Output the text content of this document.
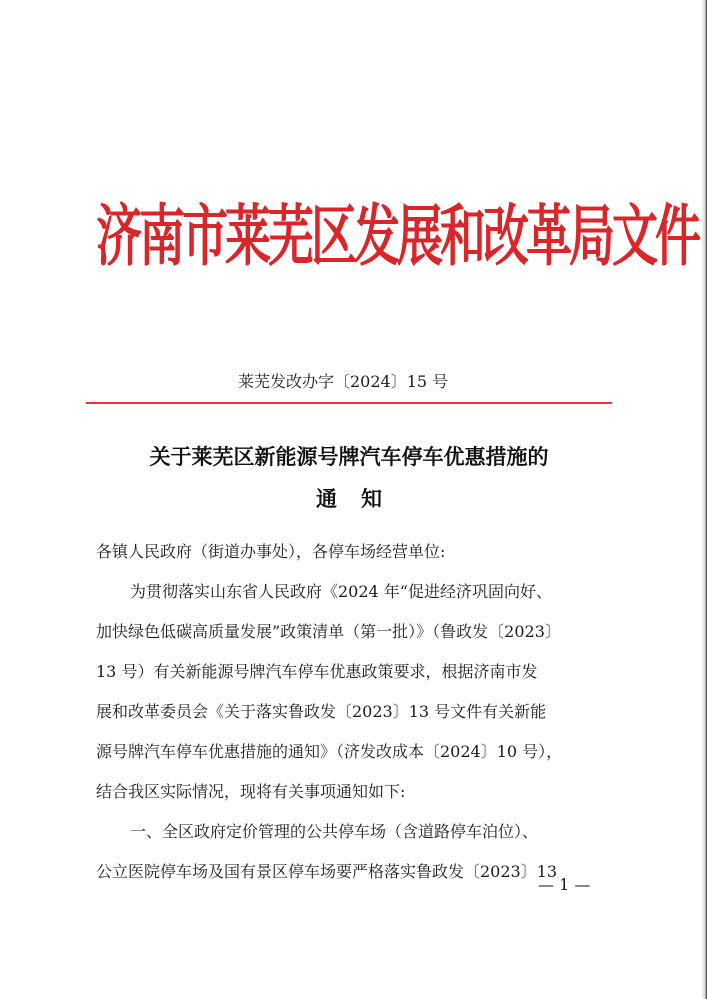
济南市莱芜区发展和改革局文件
莱芜发改办字〔2024〕15 号
关于莱芜区新能源号牌汽车停车优惠措施的
通知
各镇人民政府（街道办事处），各停车场经营单位:
为贯彻落实山东省人民政府《2024 年“促进经济巩固向好、
加快绿色低碳高质量发展”政策清单（第一批）》（鲁政发〔2023〕
13 号）有关新能源号牌汽车停车优惠政策要求，根据济南市发
展和改革委员会《关于落实鲁政发〔2023〕13 号文件有关新能
源号牌汽车停车优惠措施的通知》（济发改成本〔2024〕10 号），
结合我区实际情况，现将有关事项通知如下:
一、全区政府定价管理的公共停车场（含道路停车泊位）、
公立医院停车场及国有景区停车场要严格落实鲁政发〔2023〕13
— 1 —
